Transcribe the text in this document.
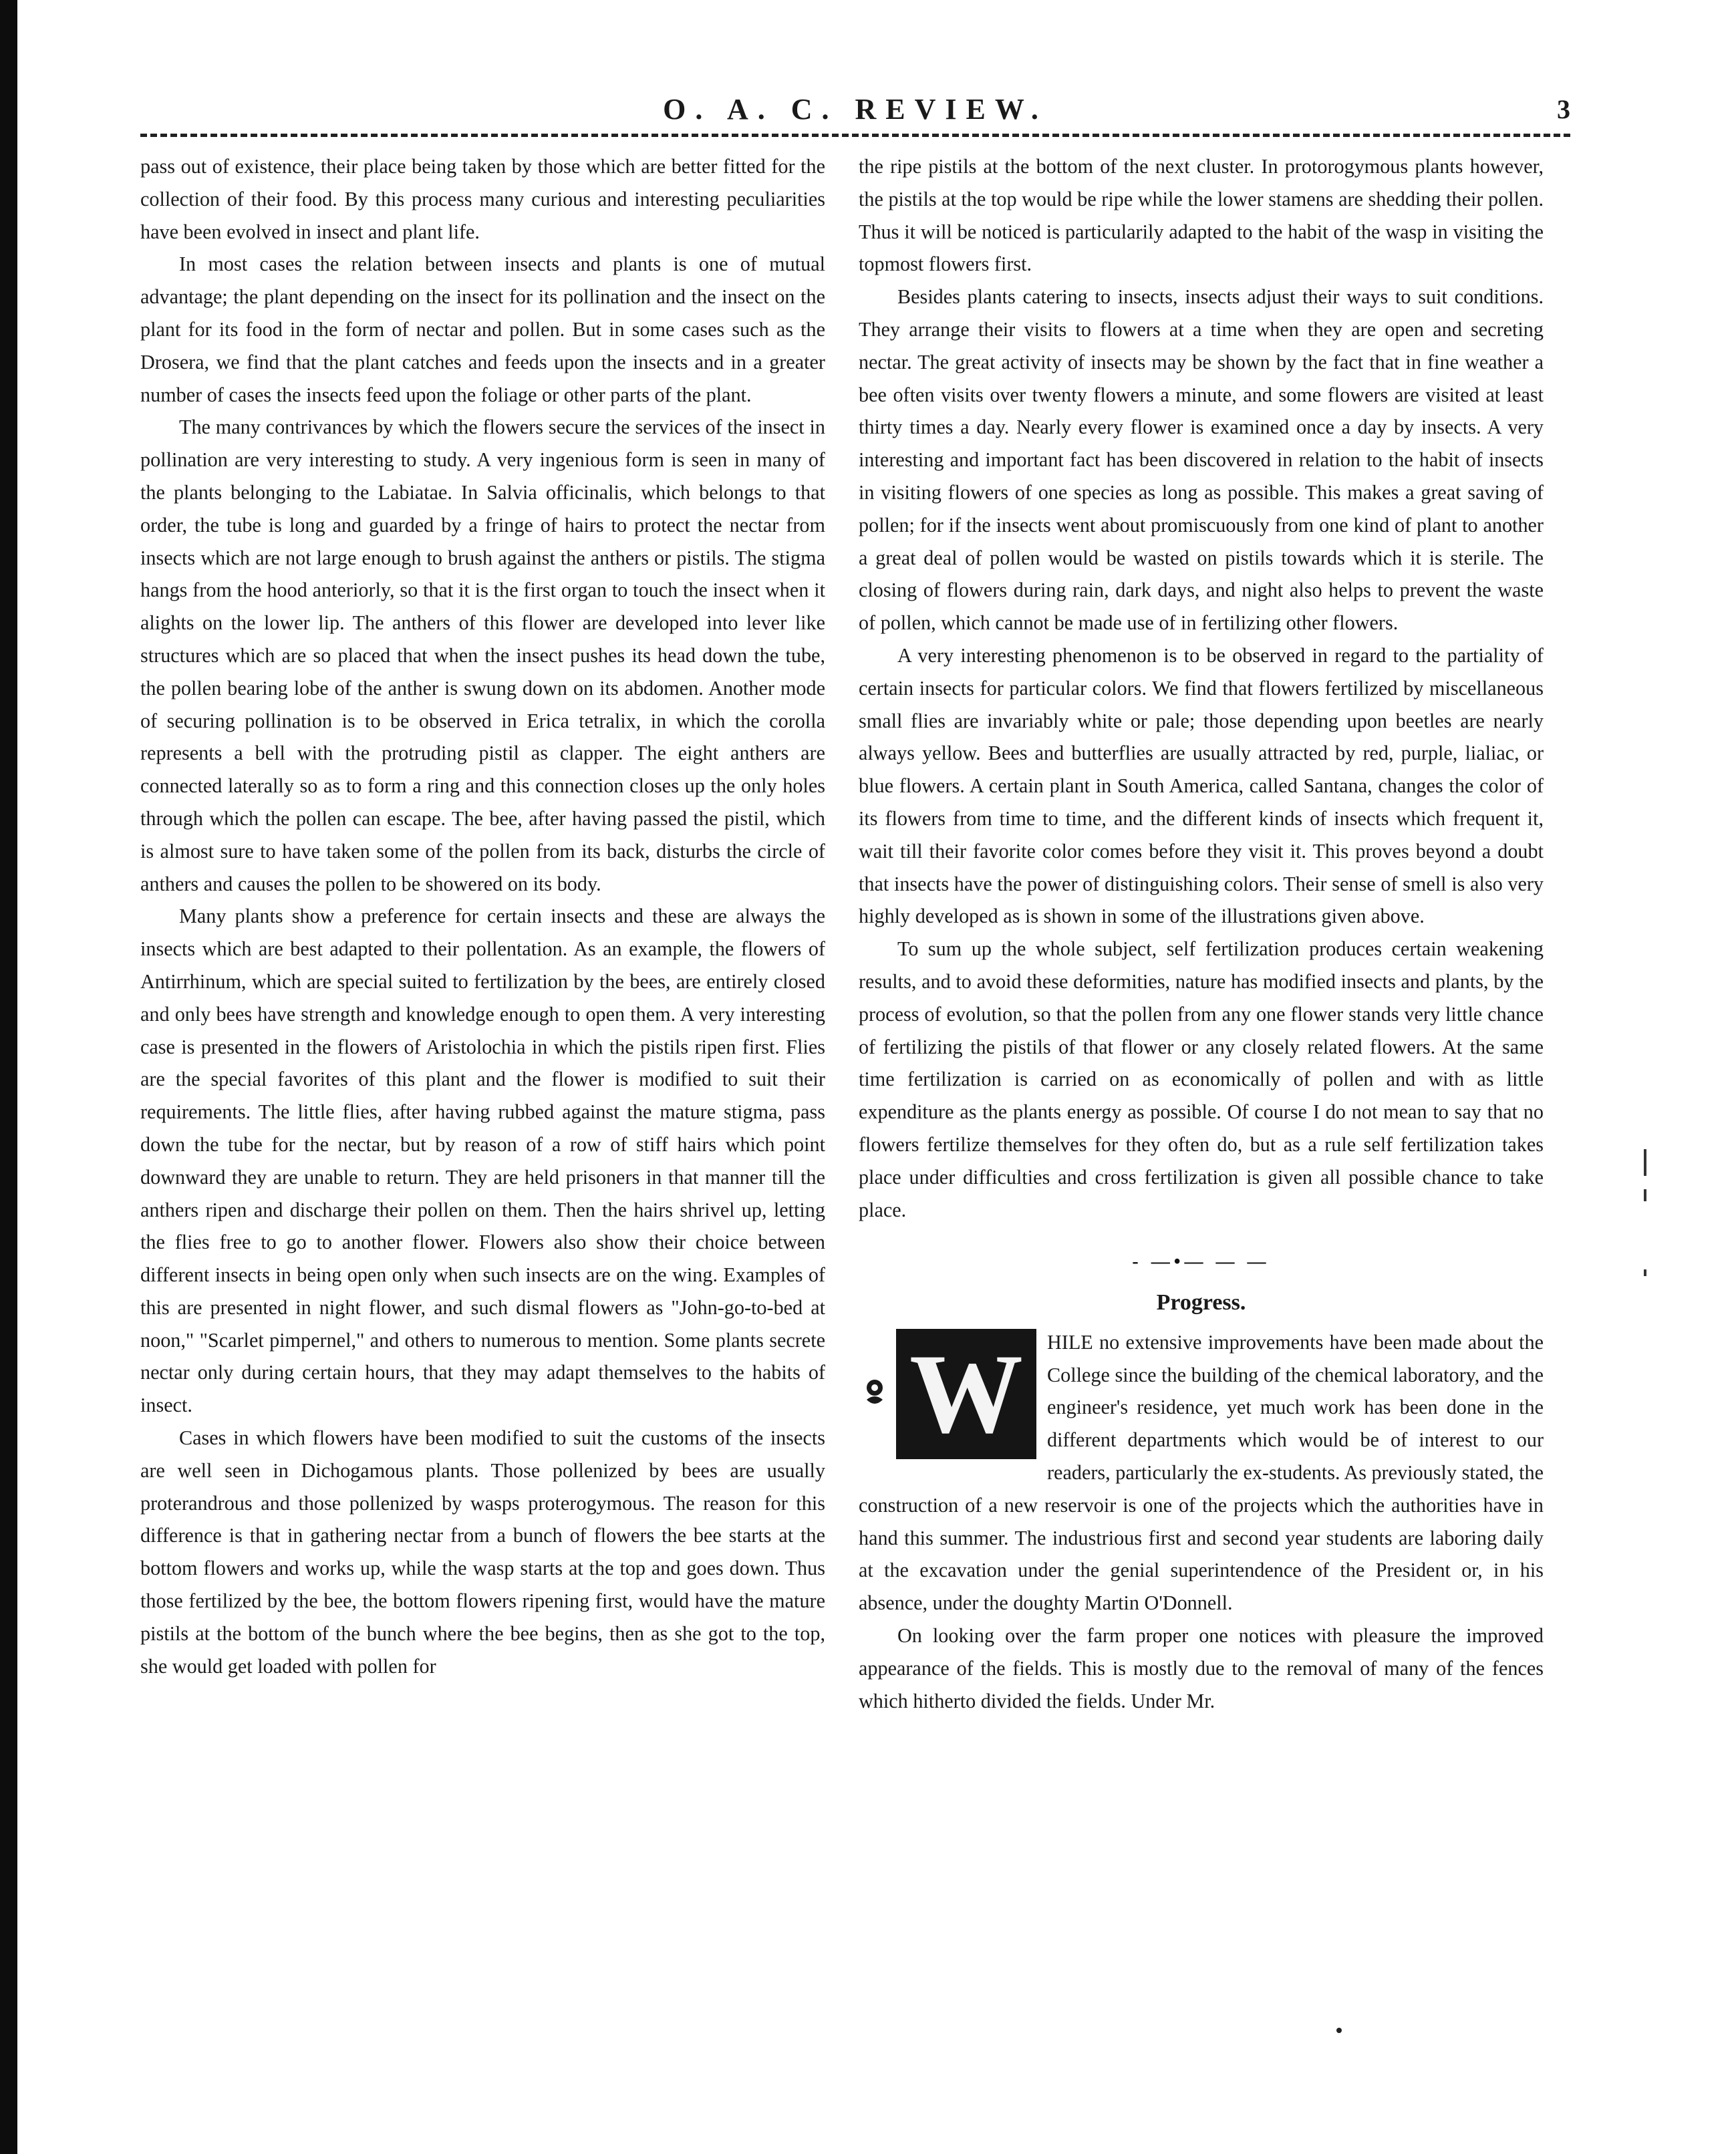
O. A. C. REVIEW.	3

pass out of existence, their place being taken by those which are better fitted for the collection of their food. By this process many curious and interesting peculiarities have been evolved in insect and plant life.

In most cases the relation between insects and plants is one of mutual advantage; the plant depending on the insect for its pollination and the insect on the plant for its food in the form of nectar and pollen. But in some cases such as the Drosera, we find that the plant catches and feeds upon the insects and in a greater number of cases the insects feed upon the foliage or other parts of the plant.

The many contrivances by which the flowers secure the services of the insect in pollination are very interesting to study. A very ingenious form is seen in many of the plants belonging to the Labiatae. In Salvia officinalis, which belongs to that order, the tube is long and guarded by a fringe of hairs to protect the nectar from insects which are not large enough to brush against the anthers or pistils. The stigma hangs from the hood anteriorly, so that it is the first organ to touch the insect when it alights on the lower lip. The anthers of this flower are developed into lever like structures which are so placed that when the insect pushes its head down the tube, the pollen bearing lobe of the anther is swung down on its abdomen. Another mode of securing pollination is to be observed in Erica tetralix, in which the corolla represents a bell with the protruding pistil as clapper. The eight anthers are connected laterally so as to form a ring and this connection closes up the only holes through which the pollen can escape. The bee, after having passed the pistil, which is almost sure to have taken some of the pollen from its back, disturbs the circle of anthers and causes the pollen to be showered on its body.

Many plants show a preference for certain insects and these are always the insects which are best adapted to their pollentation. As an example, the flowers of Antirrhinum, which are special suited to fertilization by the bees, are entirely closed and only bees have strength and knowledge enough to open them. A very interesting case is presented in the flowers of Aristolochia in which the pistils ripen first. Flies are the special favorites of this plant and the flower is modified to suit their requirements. The little flies, after having rubbed against the mature stigma, pass down the tube for the nectar, but by reason of a row of stiff hairs which point downward they are unable to return. They are held prisoners in that manner till the anthers ripen and discharge their pollen on them. Then the hairs shrivel up, letting the flies free to go to another flower. Flowers also show their choice between different insects in being open only when such insects are on the wing. Examples of this are presented in night flower, and such dismal flowers as "John-go-to-bed at noon," "Scarlet pimpernel," and others to numerous to mention. Some plants secrete nectar only during certain hours, that they may adapt themselves to the habits of insect.

Cases in which flowers have been modified to suit the customs of the insects are well seen in Dichogamous plants. Those pollenized by bees are usually proterandrous and those pollenized by wasps proterogymous. The reason for this difference is that in gathering nectar from a bunch of flowers the bee starts at the bottom flowers and works up, while the wasp starts at the top and goes down. Thus those fertilized by the bee, the bottom flowers ripening first, would have the mature pistils at the bottom of the bunch where the bee begins, then as she got to the top, she would get loaded with pollen for

the ripe pistils at the bottom of the next cluster. In protorogymous plants however, the pistils at the top would be ripe while the lower stamens are shedding their pollen. Thus it will be noticed is particularily adapted to the habit of the wasp in visiting the topmost flowers first.

Besides plants catering to insects, insects adjust their ways to suit conditions. They arrange their visits to flowers at a time when they are open and secreting nectar. The great activity of insects may be shown by the fact that in fine weather a bee often visits over twenty flowers a minute, and some flowers are visited at least thirty times a day. Nearly every flower is examined once a day by insects. A very interesting and important fact has been discovered in relation to the habit of insects in visiting flowers of one species as long as possible. This makes a great saving of pollen; for if the insects went about promiscuously from one kind of plant to another a great deal of pollen would be wasted on pistils towards which it is sterile. The closing of flowers during rain, dark days, and night also helps to prevent the waste of pollen, which cannot be made use of in fertilizing other flowers.

A very interesting phenomenon is to be observed in regard to the partiality of certain insects for particular colors. We find that flowers fertilized by miscellaneous small flies are invariably white or pale; those depending upon beetles are nearly always yellow. Bees and butterflies are usually attracted by red, purple, lialiac, or blue flowers. A certain plant in South America, called Santana, changes the color of its flowers from time to time, and the different kinds of insects which frequent it, wait till their favorite color comes before they visit it. This proves beyond a doubt that insects have the power of distinguishing colors. Their sense of smell is also very highly developed as is shown in some of the illustrations given above.

To sum up the whole subject, self fertilization produces certain weakening results, and to avoid these deformities, nature has modified insects and plants, by the process of evolution, so that the pollen from any one flower stands very little chance of fertilizing the pistils of that flower or any closely related flowers. At the same time fertilization is carried on as economically of pollen and with as little expenditure as the plants energy as possible. Of course I do not mean to say that no flowers fertilize themselves for they often do, but as a rule self fertilization takes place under difficulties and cross fertilization is given all possible chance to take place.

- —•— — —
Progress.
W	HILE no extensive improvements have been made about the College since the building of the chemical laboratory, and the engineer's residence, yet much work has been done in the different departments which would be of interest to our readers, particularly the ex-students. As previously stated, the construction of a new reservoir is one of the projects which the authorities have in hand this summer. The industrious first and second year students are laboring daily at the excavation under the genial superintendence of the President or, in his absence, under the doughty Martin O'Donnell.

On looking over the farm proper one notices with pleasure the improved appearance of the fields. This is mostly due to the removal of many of the fences which hitherto divided the fields. Under Mr.
